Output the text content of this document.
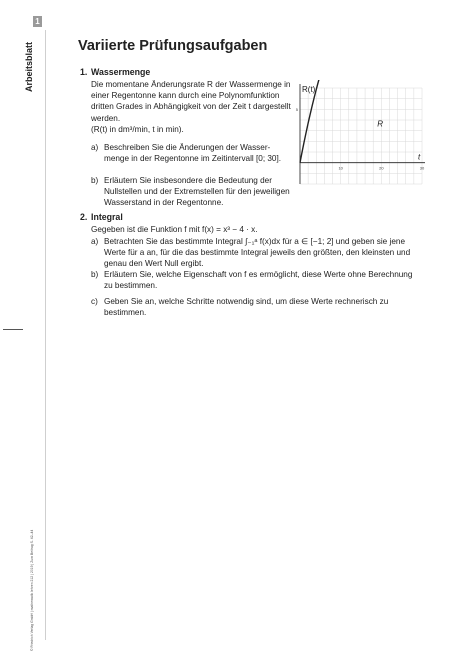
1
Arbeitsblatt
© Friedrich Verlag GmbH | mathematik lehren 212 | 2019 | Zum Beitrag S. 42–44
Variierte Prüfungsaufgaben
1. Wassermenge
Die momentane Änderungsrate R der Wassermenge in
einer Regentonne kann durch eine Polynomfunktion
dritten Grades in Abhängigkeit von der Zeit t dargestellt
werden.
(R(t) in dm³/min, t in min).
a) Beschreiben Sie die Änderungen der Wasser-
menge in der Regentonne im Zeitintervall [0; 30].
b) Erläutern Sie insbesondere die Bedeutung der
Nullstellen und der Extremstellen für den jeweiligen
Wasserstand in der Regentonne.
R(t)
t
R
10	20	30
5
2. Integral
Gegeben ist die Funktion f mit f(x) = x³ − 4 · x.
a) Betrachten Sie das bestimmte Integral ∫₋₁ᵃ f(x)dx für a ∈ [−1; 2] und geben sie jene
Werte für a an, für die das bestimmte Integral jeweils den größten, den kleinsten und
genau den Wert Null ergibt.
b) Erläutern Sie, welche Eigenschaft von f es ermöglicht, diese Werte ohne Berechnung
zu bestimmen.
c) Geben Sie an, welche Schritte notwendig sind, um diese Werte rechnerisch zu bestimmen.
